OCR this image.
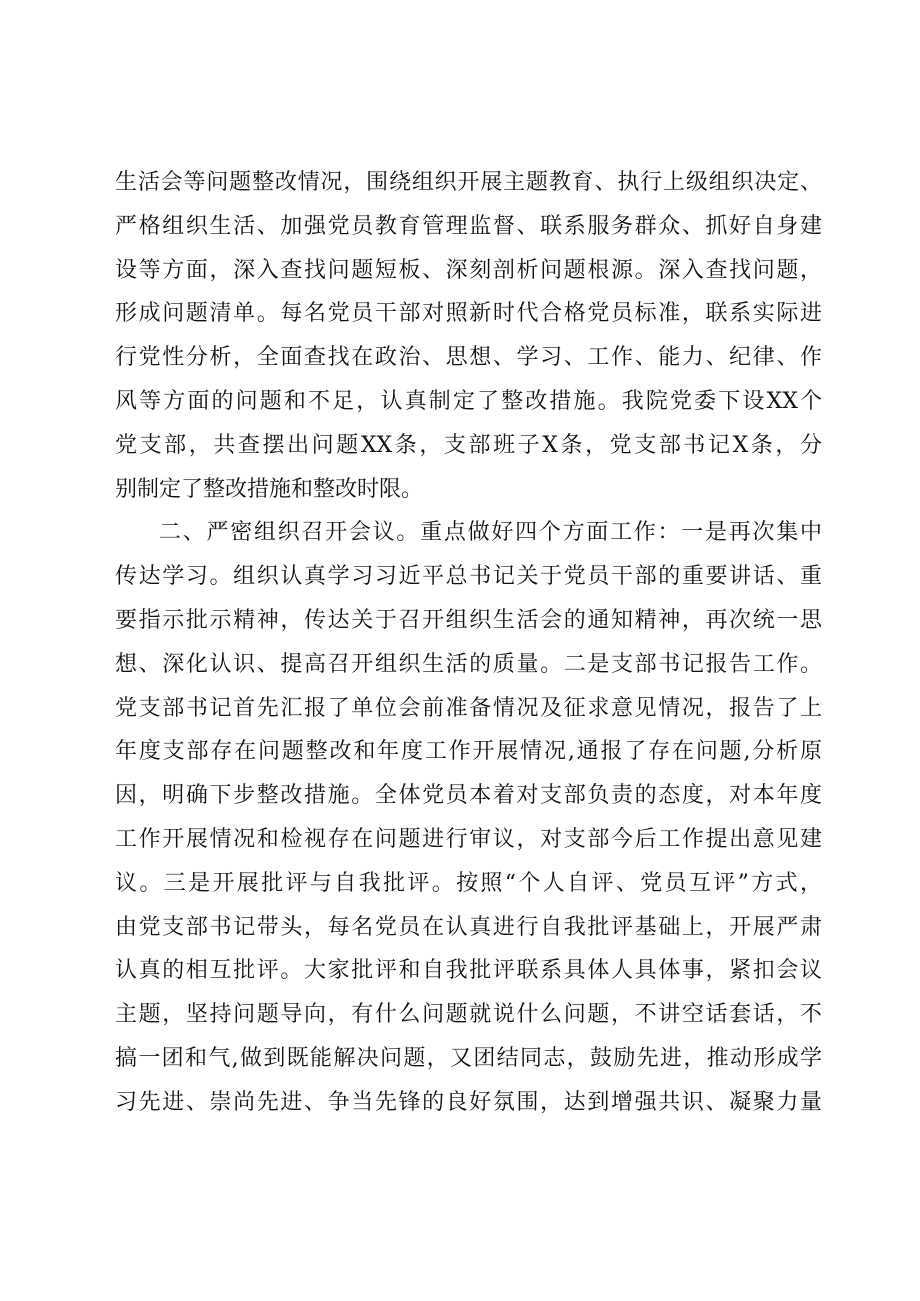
生活会等问题整改情况，围绕组织开展主题教育、执行上级组织决定、
严格组织生活、加强党员教育管理监督、联系服务群众、抓好自身建
设等方面，深入查找问题短板、深刻剖析问题根源。深入查找问题，
形成问题清单。每名党员干部对照新时代合格党员标准，联系实际进
行党性分析，全面查找在政治、思想、学习、工作、能力、纪律、作
风等方面的问题和不足，认真制定了整改措施。我院党委下设XX个
党支部，共查摆出问题XX条，支部班子X条，党支部书记X条，分
别制定了整改措施和整改时限。
二、严密组织召开会议。重点做好四个方面工作：一是再次集中
传达学习。组织认真学习习近平总书记关于党员干部的重要讲话、重
要指示批示精神，传达关于召开组织生活会的通知精神，再次统一思
想、深化认识、提高召开组织生活的质量。二是支部书记报告工作。
党支部书记首先汇报了单位会前准备情况及征求意见情况，报告了上
年度支部存在问题整改和年度工作开展情况,通报了存在问题,分析原
因，明确下步整改措施。全体党员本着对支部负责的态度，对本年度
工作开展情况和检视存在问题进行审议，对支部今后工作提出意见建
议。三是开展批评与自我批评。按照“个人自评、党员互评”方式，
由党支部书记带头，每名党员在认真进行自我批评基础上，开展严肃
认真的相互批评。大家批评和自我批评联系具体人具体事，紧扣会议
主题，坚持问题导向，有什么问题就说什么问题，不讲空话套话，不
搞一团和气,做到既能解决问题，又团结同志，鼓励先进，推动形成学
习先进、崇尚先进、争当先锋的良好氛围，达到增强共识、凝聚力量
